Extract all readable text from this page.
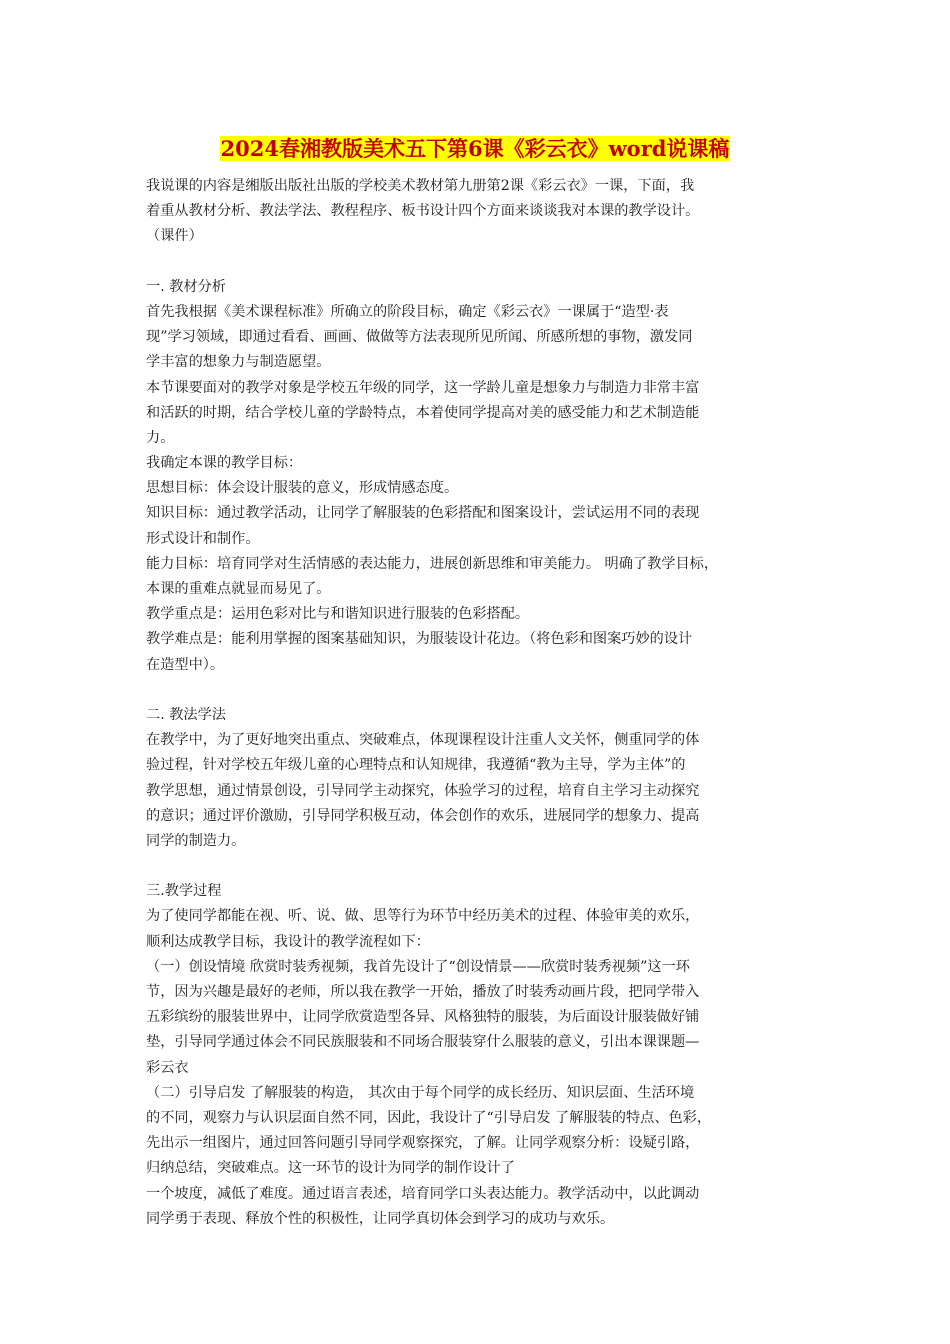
2024春湘教版美术五下第6课《彩云衣》word说课稿
我说课的内容是缃版出版社出版的学校美术教材第九册第2课《彩云衣》一课，下面，我
着重从教材分析、教法学法、教程程序、板书设计四个方面来谈谈我对本课的教学设计。
（课件）
一. 教材分析
首先我根据《美术课程标准》所确立的阶段目标，确定《彩云衣》一课属于“造型·表
现”学习领域，即通过看看、画画、做做等方法表现所见所闻、所感所想的事物，激发同
学丰富的想象力与制造愿望。
本节课要面对的教学对象是学校五年级的同学，这一学龄儿童是想象力与制造力非常丰富
和活跃的时期，结合学校儿童的学龄特点，本着使同学提高对美的感受能力和艺术制造能
力。
我确定本课的教学目标：
思想目标：体会设计服装的意义，形成情感态度。
知识目标：通过教学活动，让同学了解服装的色彩搭配和图案设计，尝试运用不同的表现
形式设计和制作。
能力目标：培育同学对生活情感的表达能力，进展创新思维和审美能力。 明确了教学目标，
本课的重难点就显而易见了。
教学重点是：运用色彩对比与和谐知识进行服装的色彩搭配。
教学难点是：能利用掌握的图案基础知识，为服装设计花边。（将色彩和图案巧妙的设计
在造型中）。
二. 教法学法
在教学中，为了更好地突出重点、突破难点，体现课程设计注重人文关怀，侧重同学的体
验过程，针对学校五年级儿童的心理特点和认知规律，我遵循“教为主导，学为主体”的
教学思想，通过情景创设，引导同学主动探究，体验学习的过程，培育自主学习主动探究
的意识；通过评价激励，引导同学积极互动，体会创作的欢乐，进展同学的想象力、提高
同学的制造力。
三.教学过程
为了使同学都能在视、听、说、做、思等行为环节中经历美术的过程、体验审美的欢乐，
顺利达成教学目标，我设计的教学流程如下：
（一）创设情境 欣赏时装秀视频，我首先设计了“创设情景——欣赏时装秀视频”这一环
节，因为兴趣是最好的老师，所以我在教学一开始，播放了时装秀动画片段，把同学带入
五彩缤纷的服装世界中，让同学欣赏造型各异、风格独特的服装，为后面设计服装做好铺
垫，引导同学通过体会不同民族服装和不同场合服装穿什么服装的意义，引出本课课题—
彩云衣
（二）引导启发 了解服装的构造， 其次由于每个同学的成长经历、知识层面、生活环境
的不同，观察力与认识层面自然不同，因此，我设计了“引导启发 了解服装的特点、色彩，
先出示一组图片，通过回答问题引导同学观察探究，了解。让同学观察分析：设疑引路，
归纳总结，突破难点。这一环节的设计为同学的制作设计了
一个坡度，减低了难度。通过语言表述，培育同学口头表达能力。教学活动中，以此调动
同学勇于表现、释放个性的积极性，让同学真切体会到学习的成功与欢乐。
